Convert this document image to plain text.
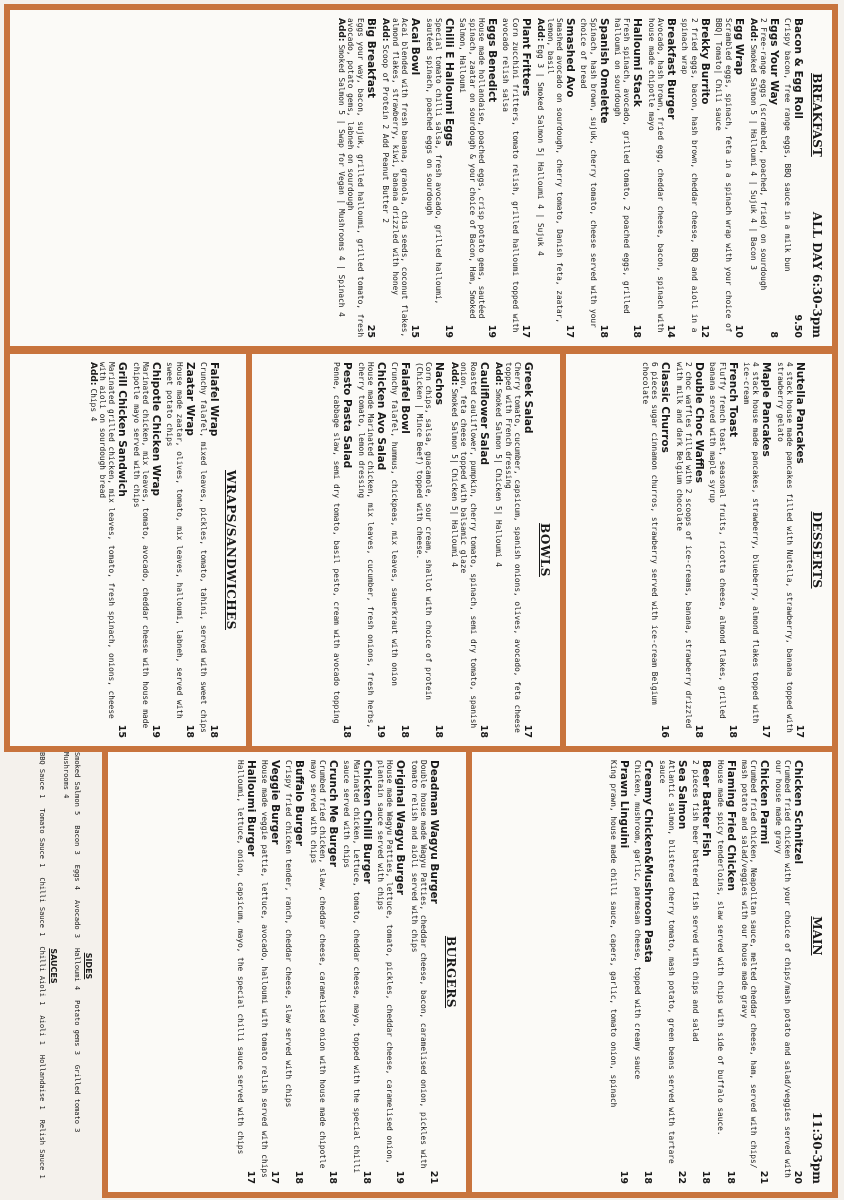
BREAKFAST
ALL DAY 6:30-3pm
Bacon & Egg Roll
9.50
Crispy bacon, free range eggs, BBQ sauce in a milk bun
Eggs Your Way
8
2 Free-range eggs (scrambled, poached, fried) on sourdough
Add: Smoked Salmon 5 | Halloumi 4 | Sujuk 4 | Bacon 3
Egg Wrap
10
Scrambled eggs, spinach, feta in a spinach wrap with your choice of BBQ| Tomato| Chili sauce
Brekky Burrito
12
2 fried eggs, bacon, hash brown, cheddar cheese, BBQ and aioli in a spinach wrap
Breakfast Burger
14
Avocado, hash brown, fried egg, cheddar cheese, bacon, spinach with house made chipotle mayo
Halloumi Stack
18
Fresh spinach, avocado, grilled tomato, 2 poached eggs, grilled halloumi on sourdough
Spanish Omelette
18
Spinach, hash brown, sujuk, cherry tomato, cheese served with your choice of bread
Smashed Avo
17
Smashed avocado on sourdough, cherry tomato, Danish feta, zaatar, lemon, basil
Add: Egg 3 | Smoked Salmon 5| Halloumi 4 | Sujuk 4
Plant Fritters
17
Corn zucchini fritters, tomato relish, grilled halloumi topped with avocado relish salsa
Eggs Benedict
19
House made hollandaise, poached eggs, crisp potato gems, sautéed spinach, zaatar on sourdough & your choice of Bacon, Ham, Smoked Salmon, Halloumi
Chilli E Halloumi Eggs
19
Special tomato chilli salsa, fresh avocado, grilled halloumi, sautéed spinach, poached eggs on sourdough
Acai Bowl
15
Acai blended with fresh banana, granola, chia seeds, coconut flakes, almond flakes, strawberry, kiwi, banana drizzled with honey
Add: Scoop of Protein 2 Add Peanut Butter 2
Big Breakfast
25
Eggs your way, bacon, sujuk, grilled halloumi, grilled tomato, fresh avocado, potato gems, labneh on sourdough
Add: Smoked Salmon 5 | Swap for Vegan | Mushrooms 4 | Spinach 4
DESSERTS
Nutella Pancakes
17
4 stack house made pancakes filled with Nutella, strawberry, banana topped with strawberry gelato
Maple Pancakes
17
4 stack house made pancakes, strawberry, blueberry, almond flakes topped with ice-cream
French Toast
18
Fluffy french toast, seasonal fruits, ricotta cheese, almond flakes, grilled banana served with maple syrup
Double Choc Waffles
18
2 choc waffles filled with 2 scoops of ice-creams, banana, strawberry drizzled with milk and dark Belgium chocolate
Classic Churros
16
6 pieces sugar cinnamon churros, strawberry served with ice-cream Belgium chocolate
BOWLS
Greek Salad
17
Cherry tomato, cucumber, capsicum, spanish onions, olives, avocado, feta cheese topped with French dressing
Add: Smoked Salmon 5| Chicken 5| Halloumi 4
Cauliflower Salad
18
Roasted cauliflower, pumpkin, cherry tomato, spinach, semi dry tomato, spanish onion, feta cheese topped with balsamic glaze
Add: Smoked Salmon 5| Chicken 5| Halloumi 4
Nachos
18
Corn chips, salsa, guacamole, sour cream, shallot with choice of protein (Chicken | Mince Beef) topped with cheese.
Falafel Bowl
18
Crunchy falafel, hummus, chickpeas, mix leaves, sauerkraut with onion
Chicken Avo Salad
19
House made Marinated chicken, mix leaves, cucumber, fresh onions, fresh herbs, cherry tomato, lemon dressing
Pesto Pasta Salad
18
Penne, cabbage slaw, semi dry tomato, basil pesto, cream with avocado topping
WRAPS/SANDWICHES
Falafel Wrap
18
Crunchy falafel, mixed leaves, pickles, tomato, tahini, served with sweet chips
Zaatar Wrap
18
House made zaatar, olives, tomato, mix leaves, halloumi, labneh, served with sweet potato chips
Chipotle Chicken Wrap
19
Marinated chicken, mix leaves, tomato, avocado, cheddar cheese with house made chipotle mayo served with chips
Grill Chicken Sandwich
15
Marinated grilled chicken, mix leaves, tomato, fresh spinach, onions, cheese with aioli on sourdough bread
Add: Chips 4
MAIN
11:30-3pm
Chicken Schnitzel
20
Crumbed fried chicken with your choice of chips/mash potato and salad/veggies served with our house made gravy
Chicken Parmi
21
Crumbed fried chicken, Neapolitan sauce, melted cheddar cheese, ham, served with chips/ mash potato and salad/veggies with our house made gravy
Flaming Fried Chicken
18
House made spicy tenderloins, slaw served with chips with side of buffalo sauce.
Beer Batter Fish
18
2 pieces fish beer battered fish served with chips and salad
Sea Salmon
22
Atlantic salmon, blistered cherry tomato, mash potato, green beans served with tartare sauce
Creamy Chicken&Mushroom Pasta
18
Chicken, mushroom, garlic, parmesan cheese, topped with creamy sauce
Prawn Linguini
19
King prawn, house made chilli sauce, capers, garlic, tomato onion, spinach
BURGERS
Deadman Wagyu Burger
21
Double house made Wagyu Patties, cheddar cheese, bacon, caramelised onion, pickles with tomato relish and aioli served with chips
Original Wagyu Burger
19
House made Wagyu Patties, lettuce, tomato, pickles, cheddar cheese, caramelised onion, plantain sauce served with chips
Chicken Chilli Burger
18
Marinated chicken, Lettuce, tomato, cheddar cheese, mayo, topped with the special chilli sauce served with chips
Crunch Me Burger
18
Crumbed fried chicken, slaw, cheddar cheese, caramelised onion with house made chipotle mayo served with chips
Buffalo Burger
18
Crispy fried chicken tender, ranch, cheddar cheese, slaw served with chips
Veggie Burger
17
House made veggie pattie, lettuce, avocado, halloumi with tomato relish served with chips
Halloumi Burger
17
Halloumi, lettuce, onion, capsicum, mayo, the special chilli sauce served with chips
SIDES
Smoked Salmon 5
Bacon 3
Eggs 4
Avocado 3
Halloumi 4
Potato gems 3
Grilled tomato 3
Mushrooms 4
SAUCES
BBQ Sauce 1
Tomato Sauce 1
Chilli Sauce 1
Chilli Aioli 1
Aioli 1
Hollandaise 1
Relish Sauce 1
